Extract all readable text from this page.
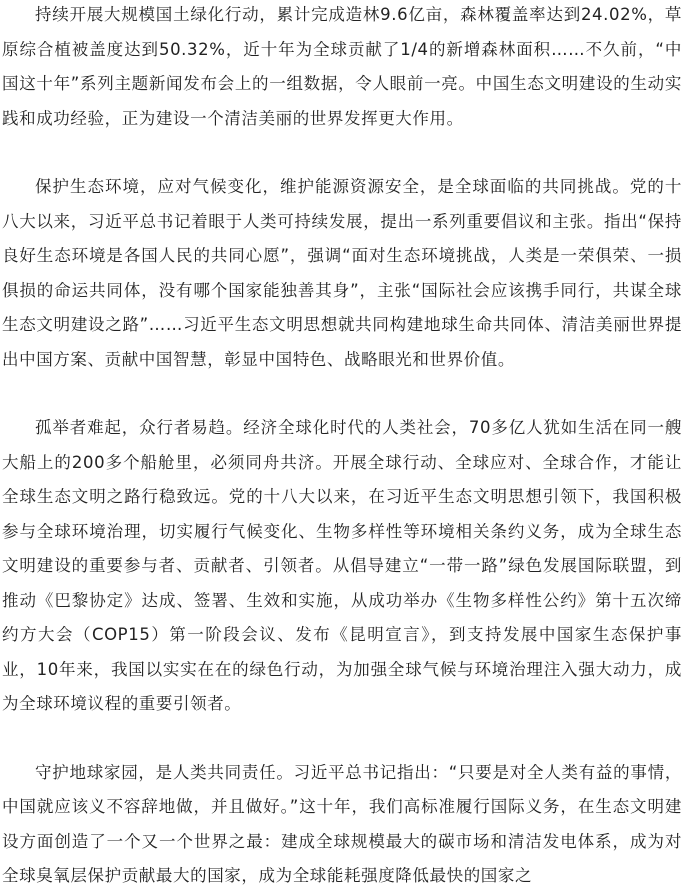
持续开展大规模国土绿化行动，累计完成造林9.6亿亩，森林覆盖率达到24.02%，草原综合植被盖度达到50.32%，近十年为全球贡献了1/4的新增森林面积……不久前，“中国这十年”系列主题新闻发布会上的一组数据，令人眼前一亮。中国生态文明建设的生动实践和成功经验，正为建设一个清洁美丽的世界发挥更大作用。

保护生态环境，应对气候变化，维护能源资源安全，是全球面临的共同挑战。党的十八大以来，习近平总书记着眼于人类可持续发展，提出一系列重要倡议和主张。指出“保持良好生态环境是各国人民的共同心愿”，强调“面对生态环境挑战，人类是一荣俱荣、一损俱损的命运共同体，没有哪个国家能独善其身”，主张“国际社会应该携手同行，共谋全球生态文明建设之路”……习近平生态文明思想就共同构建地球生命共同体、清洁美丽世界提出中国方案、贡献中国智慧，彰显中国特色、战略眼光和世界价值。

孤举者难起，众行者易趋。经济全球化时代的人类社会，70多亿人犹如生活在同一艘大船上的200多个船舱里，必须同舟共济。开展全球行动、全球应对、全球合作，才能让全球生态文明之路行稳致远。党的十八大以来，在习近平生态文明思想引领下，我国积极参与全球环境治理，切实履行气候变化、生物多样性等环境相关条约义务，成为全球生态文明建设的重要参与者、贡献者、引领者。从倡导建立“一带一路”绿色发展国际联盟，到推动《巴黎协定》达成、签署、生效和实施，从成功举办《生物多样性公约》第十五次缔约方大会（COP15）第一阶段会议、发布《昆明宣言》，到支持发展中国家生态保护事业，10年来，我国以实实在在的绿色行动，为加强全球气候与环境治理注入强大动力，成为全球环境议程的重要引领者。

守护地球家园，是人类共同责任。习近平总书记指出：“只要是对全人类有益的事情，中国就应该义不容辞地做，并且做好。”这十年，我们高标准履行国际义务，在生态文明建设方面创造了一个又一个世界之最：建成全球规模最大的碳市场和清洁发电体系，成为对全球臭氧层保护贡献最大的国家，成为全球能耗强度降低最快的国家之
